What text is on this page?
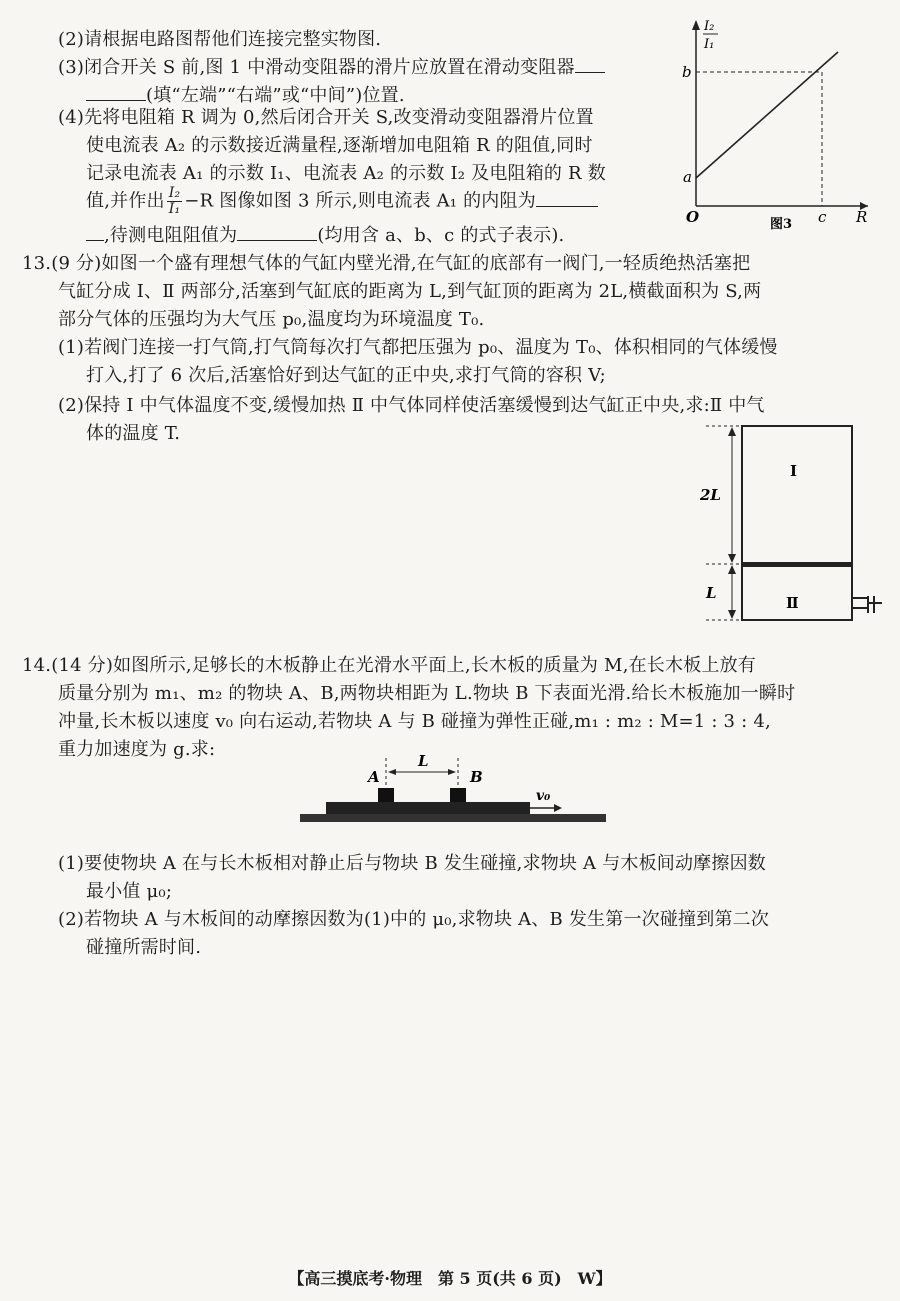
(2)请根据电路图帮他们连接完整实物图.
(3)闭合开关 S 前,图 1 中滑动变阻器的滑片应放置在滑动变阻器
(填“左端”“右端”或“中间”)位置.
(4)先将电阻箱 R 调为 0,然后闭合开关 S,改变滑动变阻器滑片位置
使电流表 A₂ 的示数接近满量程,逐渐增加电阻箱 R 的阻值,同时
记录电流表 A₁ 的示数 I₁、电流表 A₂ 的示数 I₂ 及电阻箱的 R 数
值,并作出 $\frac{\text{I₂}}{\text{I₁}} -R$ 图像如图 3 所示,则电流表 A₁ 的内阻为
,待测电阻阻值为	(均用含 a、b、c 的式子表示).
I₂
I₁
b
a
O	c R
图3
13.(9 分)如图一个盛有理想气体的气缸内壁光滑,在气缸的底部有一阀门,一轻质绝热活塞把
气缸分成 Ⅰ、Ⅱ 两部分,活塞到气缸底的距离为 L,到气缸顶的距离为 2L,横截面积为 S,两
部分气体的压强均为大气压 p₀,温度均为环境温度 T₀.
(1)若阀门连接一打气筒,打气筒每次打气都把压强为 p₀、温度为 T₀、体积相同的气体缓慢
打入,打了 6 次后,活塞恰好到达气缸的正中央,求打气筒的容积 V;
(2)保持 Ⅰ 中气体温度不变,缓慢加热 Ⅱ 中气体同样使活塞缓慢到达气缸正中央,求:Ⅱ 中气
体的温度 T.
2L
L
Ⅰ
Ⅱ
14.(14 分)如图所示,足够长的木板静止在光滑水平面上,长木板的质量为 M,在长木板上放有
质量分别为 m₁、m₂ 的物块 A、B,两物块相距为 L.物块 B 下表面光滑.给长木板施加一瞬时
冲量,长木板以速度 v₀ 向右运动,若物块 A 与 B 碰撞为弹性正碰,m₁ : m₂ : M=1 : 3 : 4,
重力加速度为 g.求:
L
A	B
v₀
(1)要使物块 A 在与长木板相对静止后与物块 B 发生碰撞,求物块 A 与木板间动摩擦因数
最小值 μ₀;
(2)若物块 A 与木板间的动摩擦因数为(1)中的 μ₀,求物块 A、B 发生第一次碰撞到第二次
碰撞所需时间.
【高三摸底考·物理　第 5 页(共 6 页)　W】
